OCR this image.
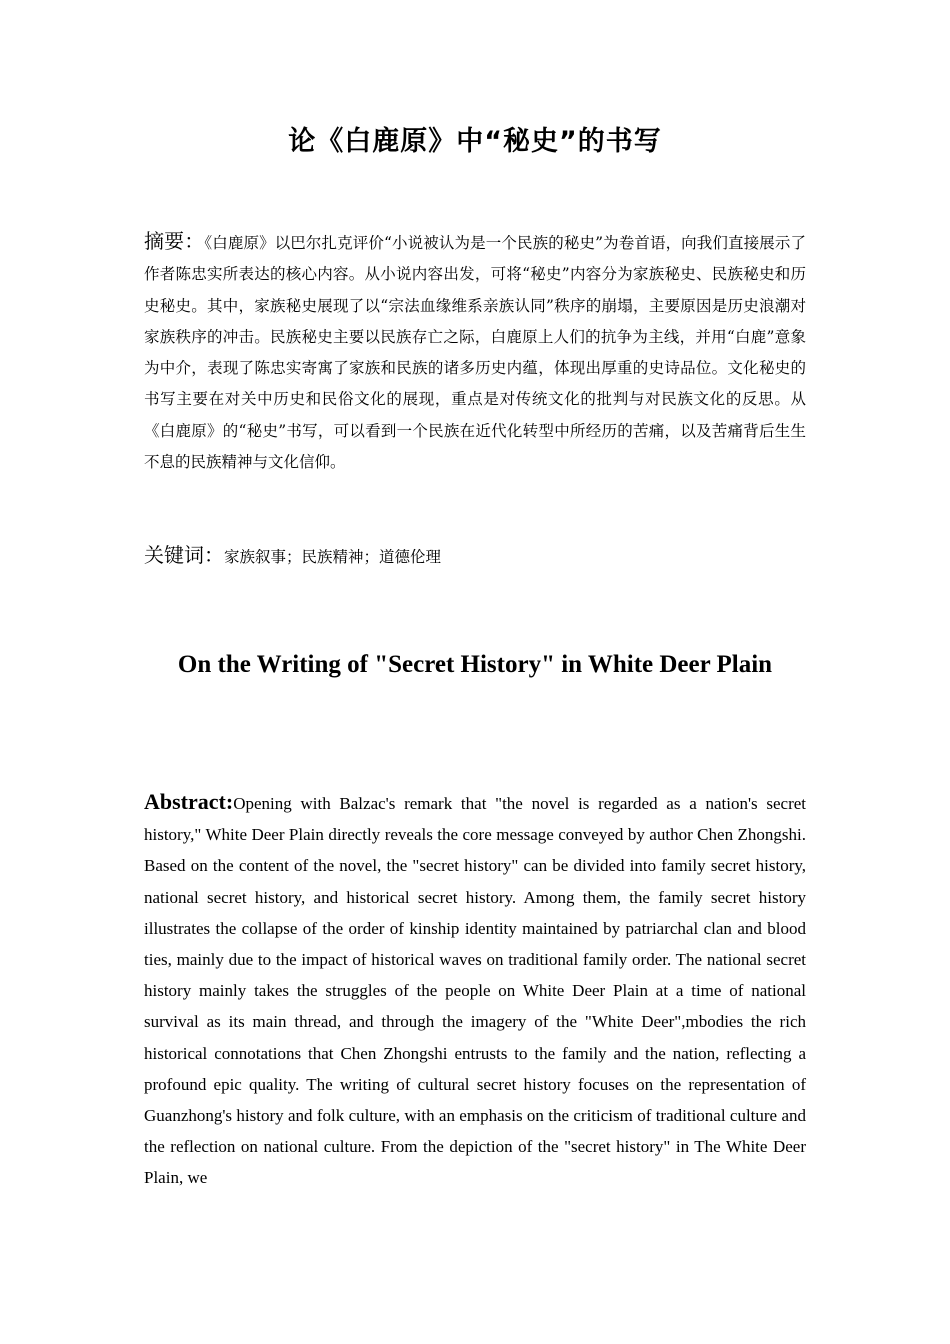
论《白鹿原》中“秘史”的书写

摘要：《白鹿原》以巴尔扎克评价“小说被认为是一个民族的秘史”为卷首语，向我们直接展示了作者陈忠实所表达的核心内容。从小说内容出发，可将“秘史”内容分为家族秘史、民族秘史和历史秘史。其中，家族秘史展现了以“宗法血缘维系亲族认同”秩序的崩塌，主要原因是历史浪潮对家族秩序的冲击。民族秘史主要以民族存亡之际，白鹿原上人们的抗争为主线，并用“白鹿”意象为中介，表现了陈忠实寄寓了家族和民族的诸多历史内蕴，体现出厚重的史诗品位。文化秘史的书写主要在对关中历史和民俗文化的展现，重点是对传统文化的批判与对民族文化的反思。从《白鹿原》的“秘史”书写，可以看到一个民族在近代化转型中所经历的苦痛，以及苦痛背后生生不息的民族精神与文化信仰。

关键词：家族叙事；民族精神；道德伦理

On the Writing of "Secret History" in White Deer Plain

Abstract:Opening with Balzac's remark that "the novel is regarded as a nation's secret history," White Deer Plain directly reveals the core message conveyed by author Chen Zhongshi. Based on the content of the novel, the "secret history" can be divided into family secret history, national secret history, and historical secret history. Among them, the family secret history illustrates the collapse of the order of kinship identity maintained by patriarchal clan and blood ties, mainly due to the impact of historical waves on traditional family order. The national secret history mainly takes the struggles of the people on White Deer Plain at a time of national survival as its main thread, and through the imagery of the "White Deer",mbodies the rich historical connotations that Chen Zhongshi entrusts to the family and the nation, reflecting a profound epic quality. The writing of cultural secret history focuses on the representation of Guanzhong's history and folk culture, with an emphasis on the criticism of traditional culture and the reflection on national culture. From the depiction of the "secret history" in The White Deer Plain, we
